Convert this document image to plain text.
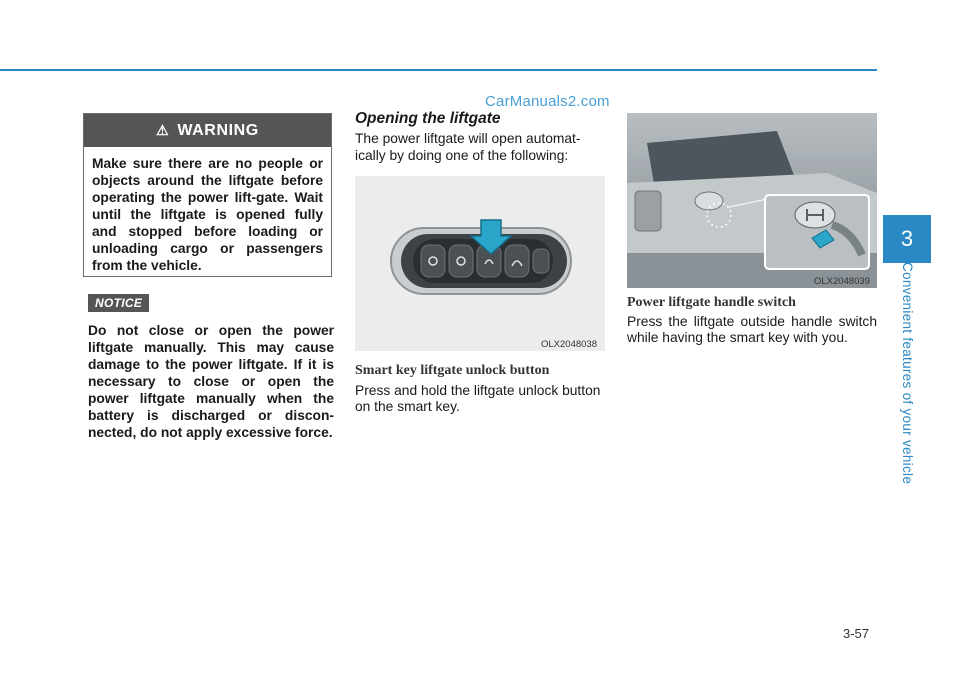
CarManuals2.com
3
Convenient features of your vehicle
⚠ WARNING
Make sure there are no people or objects around the liftgate before operating the power lift-gate. Wait until the liftgate is opened fully and stopped before loading or unloading cargo or passengers from the vehicle.
NOTICE
Do not close or open the power liftgate manually. This may cause damage to the power liftgate. If it is necessary to close or open the power liftgate manually when the battery is discharged or discon-nected, do not apply excessive force.
Opening the liftgate
The power liftgate will open automat-ically by doing one of the following:
OLX2048038
Smart key liftgate unlock button
Press and hold the liftgate unlock button on the smart key.
OLX2048039
Power liftgate handle switch
Press the liftgate outside handle switch while having the smart key with you.
3-57
